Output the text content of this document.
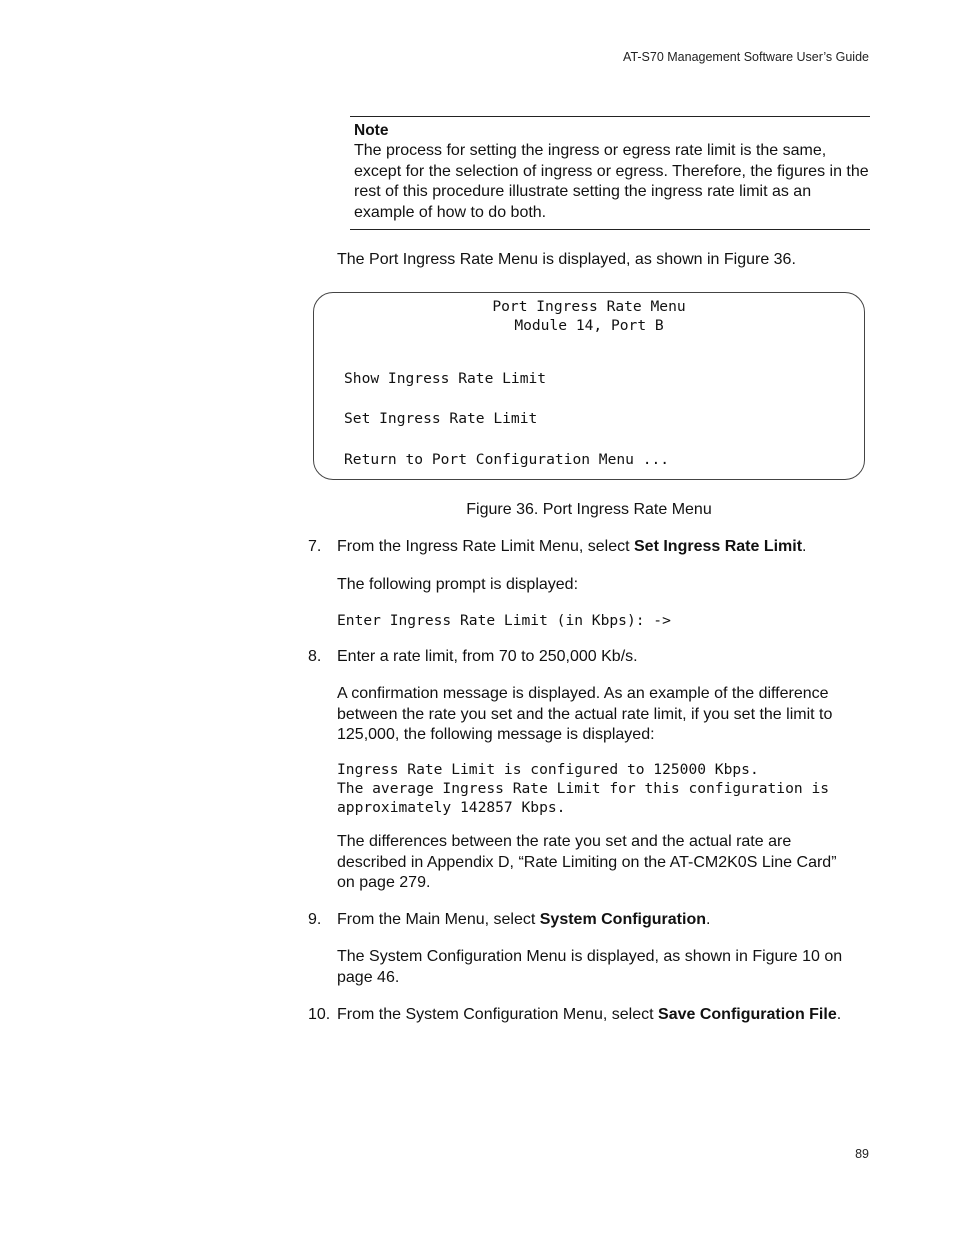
AT-S70 Management Software User’s Guide
Note
The process for setting the ingress or egress rate limit is the same, except for the selection of ingress or egress. Therefore, the figures in the rest of this procedure illustrate setting the ingress rate limit as an example of how to do both.
The Port Ingress Rate Menu is displayed, as shown in Figure 36.
Port Ingress Rate Menu
Module 14, Port B
Show Ingress Rate Limit
Set Ingress Rate Limit
Return to Port Configuration Menu ...
Figure 36. Port Ingress Rate Menu
7. From the Ingress Rate Limit Menu, select Set Ingress Rate Limit.
The following prompt is displayed:
Enter Ingress Rate Limit (in Kbps): ->
8. Enter a rate limit, from 70 to 250,000 Kb/s.
A confirmation message is displayed. As an example of the difference between the rate you set and the actual rate limit, if you set the limit to 125,000, the following message is displayed:
Ingress Rate Limit is configured to 125000 Kbps.
The average Ingress Rate Limit for this configuration is
approximately 142857 Kbps.
The differences between the rate you set and the actual rate are described in Appendix D, “Rate Limiting on the AT-CM2K0S Line Card” on page 279.
9. From the Main Menu, select System Configuration.
The System Configuration Menu is displayed, as shown in Figure 10 on page 46.
10. From the System Configuration Menu, select Save Configuration File.
89
